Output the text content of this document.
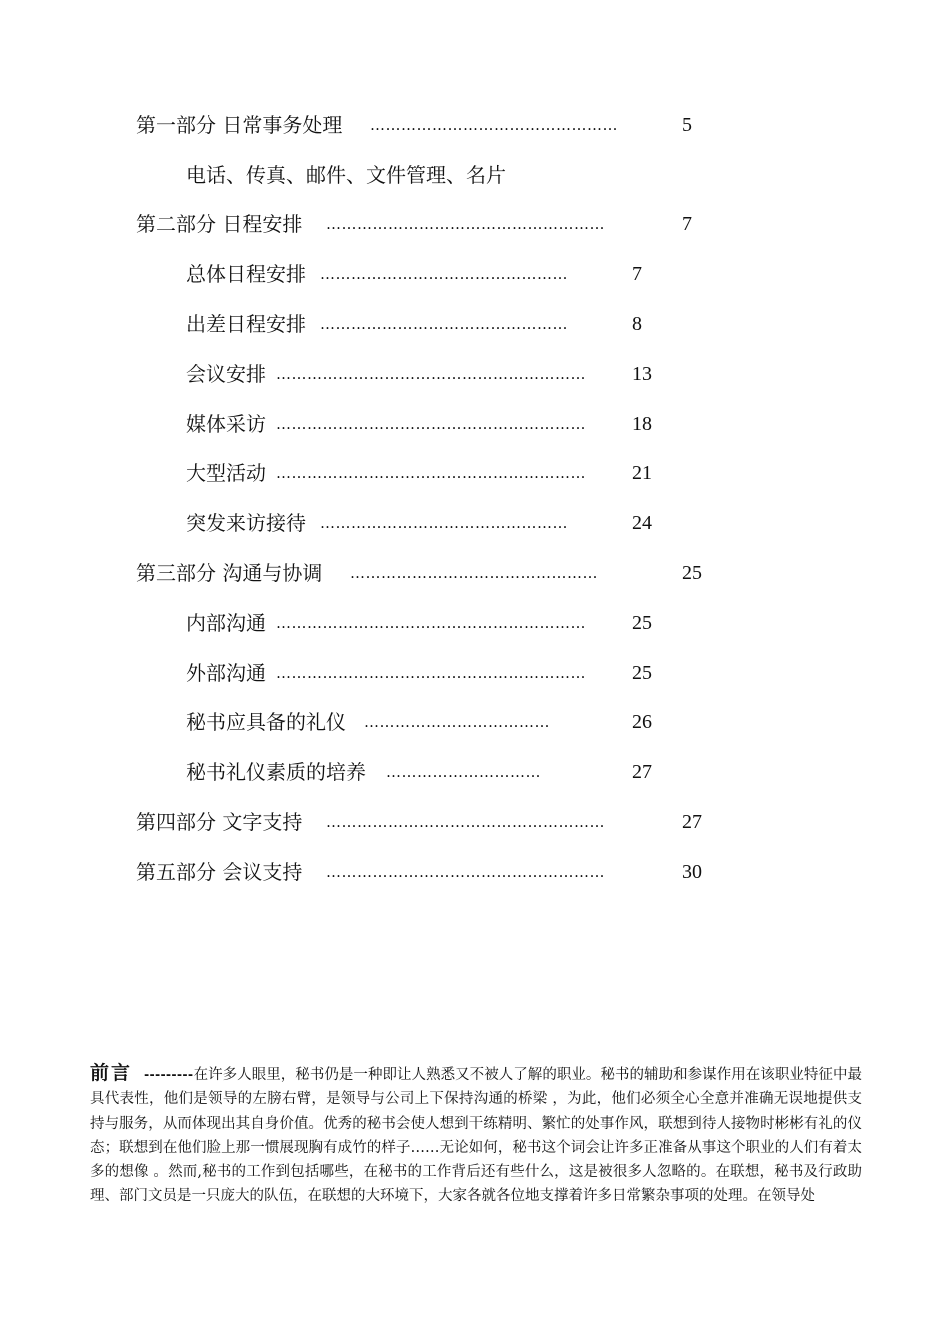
第一部分 日常事务处理 …………………………………………	5
电话、传真、邮件、文件管理、名片
第二部分 日程安排 ………………………………………………	7
总体日程安排 …………………………………………	7
出差日程安排 …………………………………………	8
会议安排 ……………………………………………………	13
媒体采访 ……………………………………………………	18
大型活动 ……………………………………………………	21
突发来访接待 …………………………………………	24
第三部分 沟通与协调 …………………………………………	25
内部沟通 ……………………………………………………	25
外部沟通 ……………………………………………………	25
秘书应具备的礼仪 ………………………………	26
秘书礼仪素质的培养 …………………………	27
第四部分 文字支持 ………………………………………………	27
第五部分 会议支持 ………………………………………………	30
前言 ---------在许多人眼里，秘书仍是一种即让人熟悉又不被人了解的职业。秘书的辅助和参谋作用在该职业特征中最具代表性，他们是领导的左膀右臂，是领导与公司上下保持沟通的桥梁 ，为此，他们必须全心全意并准确无误地提供支持与服务，从而体现出其自身价值。优秀的秘书会使人想到干练精明、繁忙的处事作风，联想到待人接物时彬彬有礼的仪态；联想到在他们脸上那一惯展现胸有成竹的样子……无论如何，秘书这个词会让许多正准备从事这个职业的人们有着太多的想像 。然而,秘书的工作到包括哪些，在秘书的工作背后还有些什么，这是被很多人忽略的。在联想，秘书及行政助理、部门文员是一只庞大的队伍，在联想的大环境下，大家各就各位地支撑着许多日常繁杂事项的处理。在领导处
